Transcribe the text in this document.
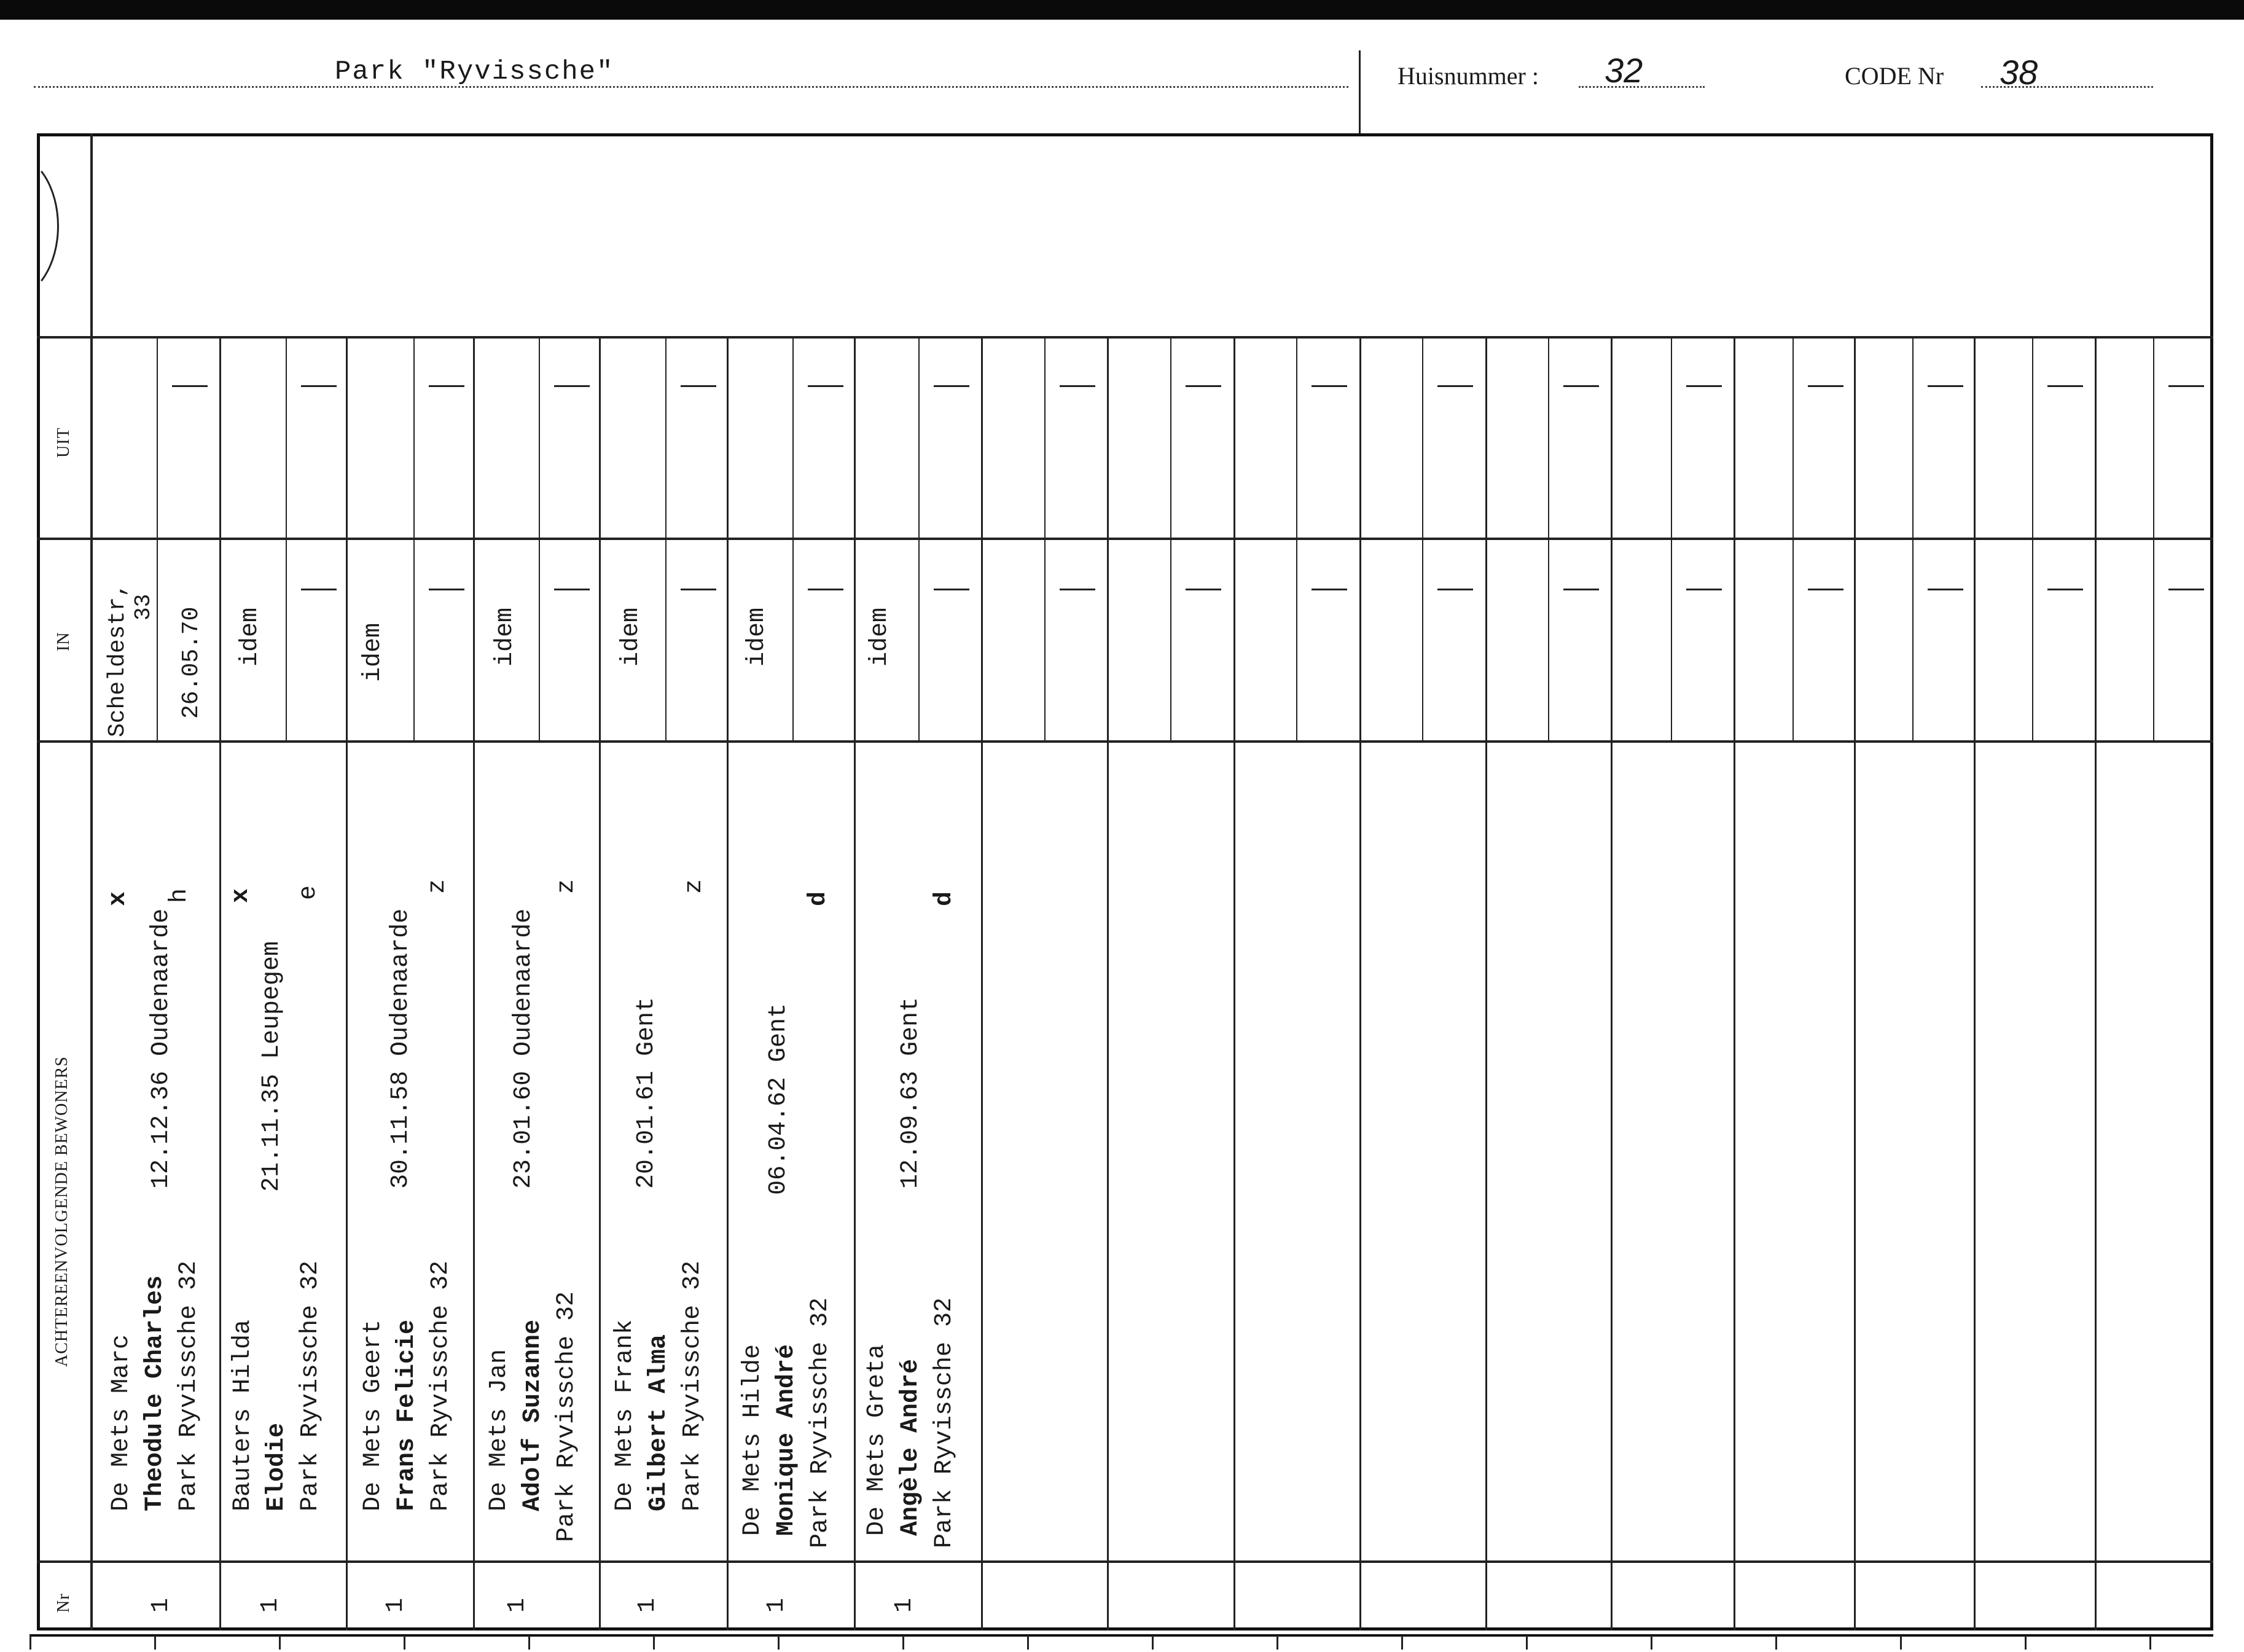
Park "Ryvissche"	Huisnummer : 32	CODE Nr 38
UIT
IN
ACHTEREENVOLGENDE BEWONERS
Nr
Scheldestr, 33 26.05.70
De Mets Marc Theodule Charles Park Ryvissche 32
12.12.36 Oudenaarde
x h
1
idem
Bauters Hilda Elodie Park Ryvissche 32
21.11.35 Leupegem
x e
1
idem
De Mets Geert Frans Felicie Park Ryvissche 32
30.11.58 Oudenaarde
z
1
idem
De Mets Jan Adolf Suzanne Park Ryvissche 32
23.01.60 Oudenaarde
z
1
idem
De Mets Frank Gilbert Alma Park Ryvissche 32
20.01.61 Gent
z
1
idem
De Mets Hilde Monique André Park Ryvissche 32
06.04.62 Gent
d
1
idem
De Mets Greta Angèle André Park Ryvissche 32
12.09.63 Gent
d
1
